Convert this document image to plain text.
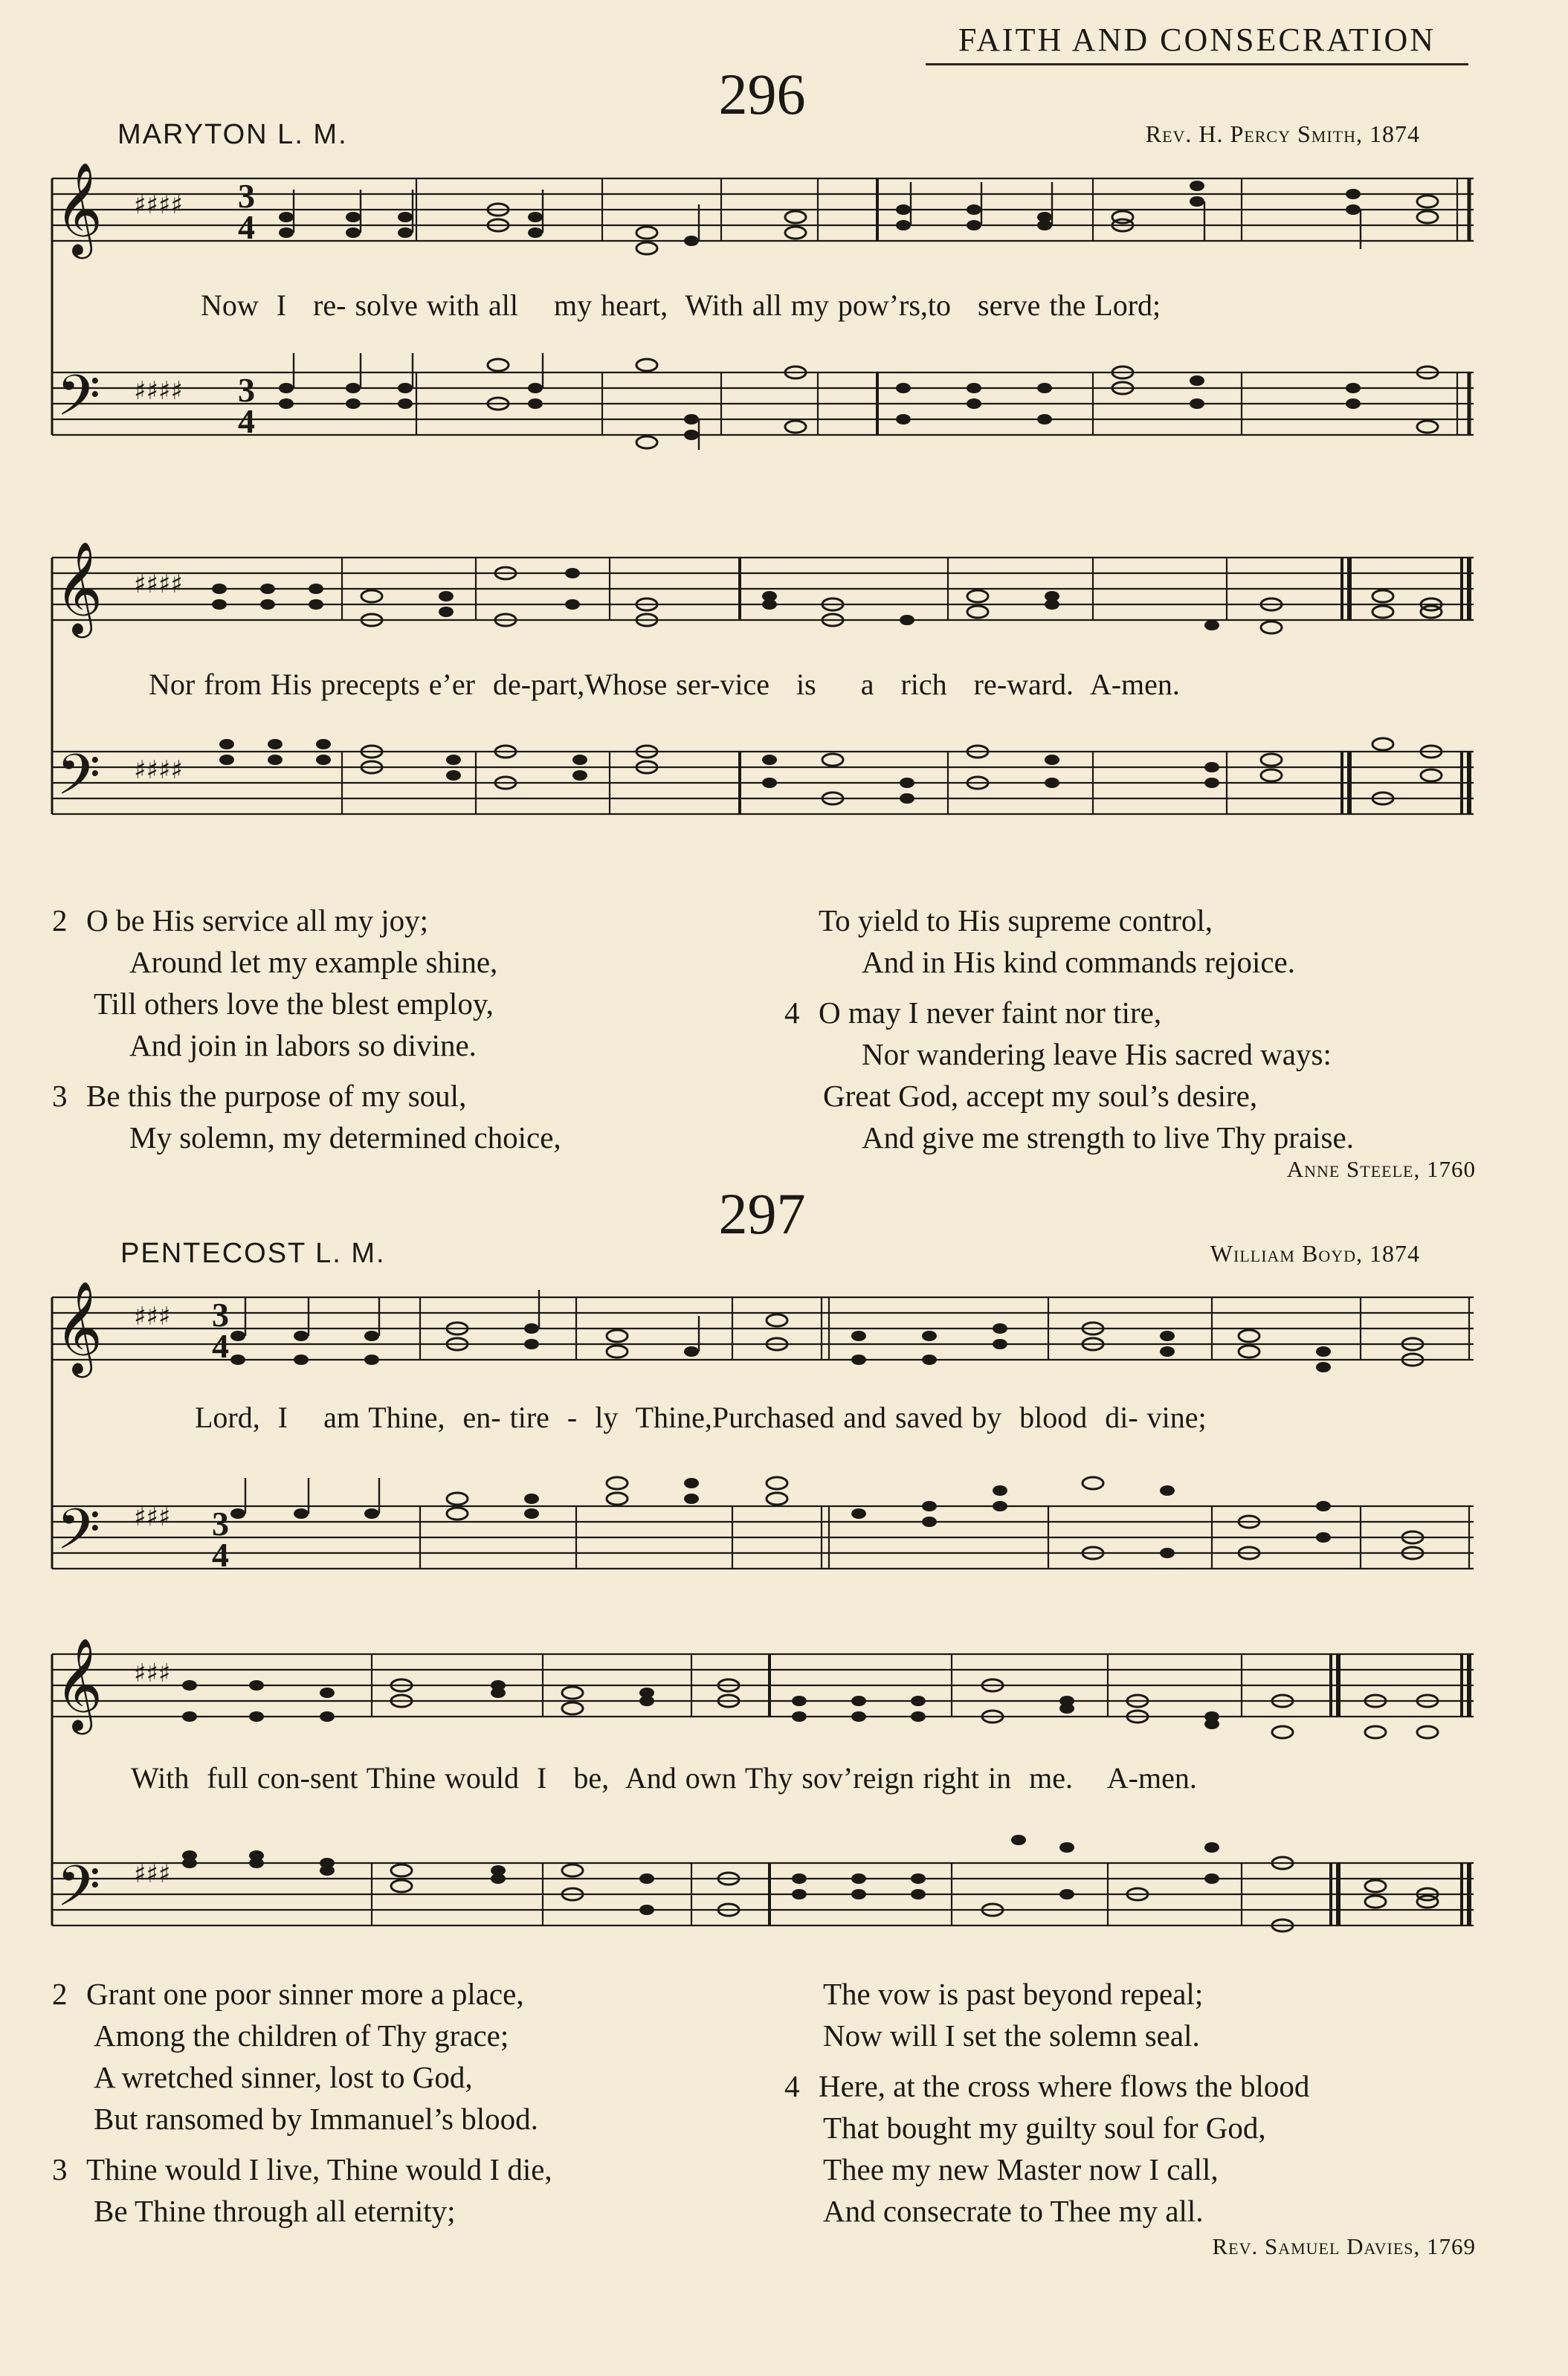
FAITH AND CONSECRATION
296
MARYTON L. M.	Rev. H. Percy Smith, 1874
𝄞
𝄢
♯♯♯♯
♯♯♯♯
3
4
3
4
Now  I   re- solve with all    my heart,  With all my pow’rs,to   serve the Lord;
𝄞
𝄢
♯♯♯♯
♯♯♯♯
Nor from His precepts e’er  de-part,Whose ser-vice   is     a   rich   re-ward.  A-men.
2 O be His service all my joy;
Around let my example shine,
Till others love the blest employ,
And join in labors so divine.
3 Be this the purpose of my soul,
My solemn, my determined choice,
To yield to His supreme control,
And in His kind commands rejoice.
4 O may I never faint nor tire,
Nor wandering leave His sacred ways:
Great God, accept my soul’s desire,
And give me strength to live Thy praise.
Anne Steele, 1760
297
PENTECOST L. M.	William Boyd, 1874
𝄞
𝄢
♯♯♯
♯♯♯
3
4
3
4
Lord,  I    am Thine,  en- tire  -  ly  Thine,Purchased and saved by  blood  di- vine;
𝄞
𝄢
♯♯♯
♯♯♯
With  full con-sent Thine would  I   be,  And own Thy sov’reign right in  me.    A-men.
2 Grant one poor sinner more a place,
Among the children of Thy grace;
A wretched sinner, lost to God,
But ransomed by Immanuel’s blood.
3 Thine would I live, Thine would I die,
Be Thine through all eternity;
The vow is past beyond repeal;
Now will I set the solemn seal.
4 Here, at the cross where flows the blood
That bought my guilty soul for God,
Thee my new Master now I call,
And consecrate to Thee my all.
Rev. Samuel Davies, 1769
